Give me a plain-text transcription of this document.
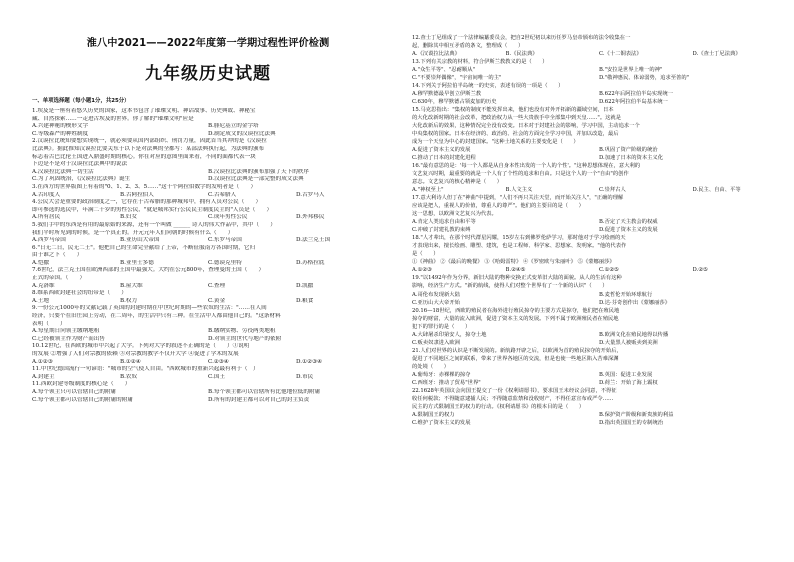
淮八中2021——2022年度第一学期过程性评价检测
九年级历史试题
一、单项选择题（每小题1分，共25分）
1.埃及是一座有着悠久历史的国家，这本书包含了璀璨文明、神话故事、历史典故、神秘宝
藏、自然探索……一走进古埃及的世界。你了解的"璀璨文明"应是
A.兴建神秘的楔形文字	B.腓尼基立的金字塔
C.等级森严的种姓制度	D.制定成文的汉谟拉比法典
2.汉谟拉比统知要想实现统一，就必须要从国内部组织、刑罚力量，因此首当其冲的是《汉谟拉
比法典》。据此推知汉谟拉比要关东于以下是对法典的全都写：某部法典执行起，为法典的颁布
标志着古巴比伦王国进入鼎盛时期的核心。你在对应的意图里面来看，不同的面都代表一块
下边是不是对于汉谟拉比法典中的说法
A.汉谟拉比法典一切生活	B.汉谟拉比法典的颁布加强了天下的秩序
C.为了巩固统治，《汉谟拉比法典》诞生	D.汉谟拉比法典是一部完整的成文法典
3.在西方的世界版图上有着的"0、1、2、3、5……"这十个阿拉伯数字的发明者是（　　）
A.古印度人	B.古阿拉伯人	C.古希腊人	D.古罗马人
4.公民大会是重要的政治制度之一，它存在于古希腊的那种城邦中，拥有人员对公民（　　）
即可参选的选民中，年满二十岁的男性公民，"就是城邦实行公民民主制度民主的"人员是（　　）
A.所有居民	B.妇女	C.成年男性公民	D.外邦移民
5.我们手中的东西是有用的最原始的来源，还有一个叫做 ______ 诗人的伟大作品中，其中（　　）
我们平时所见到的时候，是一个真正的。开元元年人们向朝的时候有什么（　　）
A.西罗马帝国	B.亚历山大帝国	C.东罗马帝国	D.法兰克王国
6."日无二日，民无二王"。他把自己的生命完全献给了上帝，不断征服南方各国时期，它归
由于谁之下（　　）
A.恺撒	B.亚里士多德	C.德谟克里特	D.苏格拉底
7.6世纪，法兰克王国在欧洲西部的王国中最强大。大约在公元800年，查理曼的王国（　　）
正式的帝国。（　　）
A.克洛维	B.屋大维	C.查理	D.凯撒
8.维系西欧封建社会的纽带是（　　）
A.土地	B.权力	C.黄金	D.粮食
9.一份公元1000年的文献记载了英国的封建时期在中世纪时期的—些农奴的生活："……在人间
经济，只要个在旧庄园上劳动，在二周年，的生活中只有三种。在生活中人都由他自己的。"这条材料
表明（　　）
A.每星期日向领主缴纳地租	B.缴纳实物、劳役两类地租
C.已经被领主作为财产而出售	D.对领主的世代与地产的依附
10.12世纪，在西欧的城市中兴起了大学。下列对大学的叙述不正确的是（　　）①说明
的发展 ②增强了人们对宗教的依赖 ③对宗教的教学不仅开大学 ④促进了学术的发展
A.①②③	B.①②④	C.②③④	D.①②③④
11.中世纪德国流行一句谚语："城市的空气使人自由。"西欧城市的重新兴起最有利于（　）
A.封建主	B.农奴	C.国王	D.市民
11.西欧封建等级制度的核心是（　　）
A.每个领主只可以管辖自己的附庸	B.每个领主都可以管辖所有比他地位低的附庸
C.每个领主都可以管辖自己的附庸的附庸	D.所有的封建主都可以对自己的封主负责
12.查士丁尼组成了一个法律编纂委员会，把自2世纪初以来历任罗马皇帝颁布的法令收集在一
起，删除其中相互矛盾的条文，整理成（　　）
A.《汉谟拉比法典》	B.《民法典》	C.《十二铜表法》	D.《查士丁尼法典》
13.下列有关宗教的材料，符合伊斯兰教教义的是（　　）
A."众生平等"、"忍耐顺从"	B."安拉是世界上唯一的神"
C."不要崇拜偶像"，"宇宙间唯一的主"	D."敬神惠民、体谅弱势，追求至善的"
14.下列关于阿拉伯半岛统一的史实，表述有误的一项是（　　）
A.穆罕默德最早创立伊斯兰教	B.622年后阿拉伯半岛实现统一
C.630年，穆罕默德占领麦加的历史	D.622年阿拉伯半岛基本统一
15.马克思指出："集权的制度不能发挥出来，他们也没有对外开拓新的疆域空间，日本
的大化改新时期的社会改革，把政治权力从一些大贵族手中全部集中到天皇……"。这就是
大化改新后的效果，这种情况完全没有改变。日本对于封建社会的影响，学习中国，主动追求一个
中央集权的国家。日本在经济的、政治的、社会的方面完全学习中国，并加以改造，最后
成为一个天皇为中心的封建国家。"这种土地关系的主要变化是（　　）
A.促进了资本主义的发展	B.巩固了资产阶级的统治
C.推动了日本的封建化进程	D.加速了日本的资本主义化
16."最有意思的是：'每一个人都是从自身本性出发的一个人的个性'。"这种思想体现在，意大利的
文艺复兴时期，最重要的就是一个人有了个性的追求和自由。只是这个人的一个"自由"的创作
意志。文艺复兴的核心精神是（　　）
A."神权至上"	B.人文主义	C.崇拜古人	D.民主、自由、平等
17.意大利诗人但丁在"神曲"中提到，"人们不再只关注天堂，而开始关注人"，"正确的理解
应该是把人，重视人的价值，尊重人的尊严"。他们的主要目的是（　　）
这一思想，以欧洲文艺复兴为代表。
A.肯定人类追求自由和平等	B.否定了天主教会的权威
C.冲破了封建礼教的束缚	D.促进了资本主义的发展
18."人才辈出，在那个时代群星闪耀，15岁左右到佛罗伦萨学习，那时他对于学习绘画的天
才表现出来，擅长绘画、雕塑、建筑，也是工程师、科学家、思想家、发明家。"他的代表作
是（　　）
①《神曲》 ②《最后的晚餐》 ③《哈姆雷特》 ④《罗密欧与朱丽叶》 ⑤《蒙娜丽莎》
A.①②③	B.②④⑤	C.①②⑤	D.②⑤
19."以1492年作为分界，新旧大陆的物种交换正式变革旧大陆的面貌。从人的生活有这种
影响，经济生产方式。"新的航线，使得人们对整个世界有了一个新的认识"（　　）
A.哥伦布发现新大陆	B.麦哲伦开始环球航行
C.亚历山大大帝开始	D.达·芬奇创作出《蒙娜丽莎》
20.16—18世纪，西欧的殖民者在海外进行殖民掠夺的主要方式是掠夺，他们把在殖民地
掠夺的财富，大量的流入欧洲，促进了资本主义的发展。下列不属于欧洲殖民者在殖民地
犯下的罪行的是（　　）
A.大肆屠杀印第安人，掠夺土地	B.欧洲文化在殖民地得以传播
C.贩卖奴隶进入欧洲	D.大量黑人被贩卖到美洲
21.人们对世界的认识是不断发展的。新航路开辟之后，以欧洲为首的殖民掠夺的开始后，
促进了不同地区之间的联系，带来了世界各地区的交流，但是也使一些地区陷入苦难深渊
的处境（　　）
A.葡萄牙：赤裸裸的掠夺	B.英国：促进工业发展
C.西班牙：推动了贸易"世界"	D.荷兰：开始了海上霸权
22.1628年英国议会向国王提交了一份《权利请愿书》，要求国王未经议会同意，不得征
收任何税款；不得随意逮捕人民；不得随意监禁和没收财产，不得任意宣布戒严令……
民主的方式限制国王的权力的行动。《权利请愿书》的根本目的是（　　）
A.限制国王的权力	B.保护资产阶级和新贵族的利益
C.维护了资本主义的发展	D.指出英国国王的专制统治
